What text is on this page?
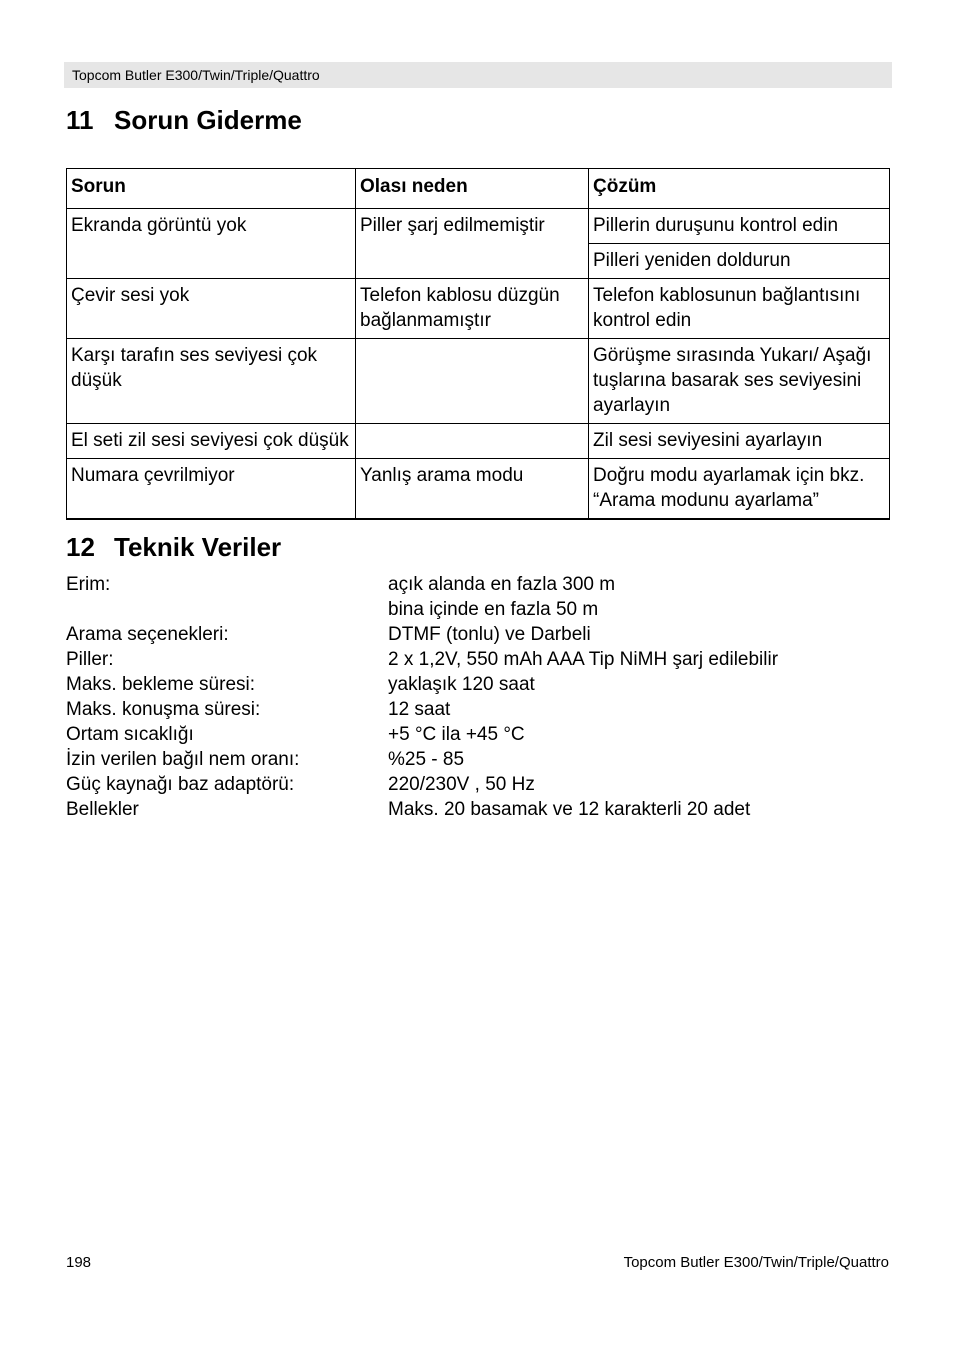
Topcom Butler E300/Twin/Triple/Quattro
11 Sorun Giderme
Sorun	Olası neden	Çözüm
Ekranda görüntü yok	Piller şarj edilmemiştir	Pillerin duruşunu kontrol edin
		Pilleri yeniden doldurun
Çevir sesi yok	Telefon kablosu düzgün bağlanmamıştır	Telefon kablosunun bağlantısını kontrol edin
Karşı tarafın ses seviyesi çok düşük		Görüşme sırasında Yukarı/ Aşağı tuşlarına basarak ses seviyesini ayarlayın
El seti zil sesi seviyesi çok düşük		Zil sesi seviyesini ayarlayın
Numara çevrilmiyor	Yanlış arama modu	Doğru modu ayarlamak için bkz. “Arama modunu ayarlama”
12 Teknik Veriler
Erim:	açık alanda en fazla 300 m
bina içinde en fazla 50 m
Arama seçenekleri:	DTMF (tonlu) ve Darbeli
Piller:	2 x 1,2V, 550 mAh AAA Tip NiMH şarj edilebilir
Maks. bekleme süresi:	yaklaşık 120 saat
Maks. konuşma süresi:	12 saat
Ortam sıcaklığı	+5 °C ila +45 °C
İzin verilen bağıl nem oranı:	%25 - 85
Güç kaynağı baz adaptörü:	220/230V , 50 Hz
Bellekler	Maks. 20 basamak ve 12 karakterli 20 adet
198	Topcom Butler E300/Twin/Triple/Quattro
